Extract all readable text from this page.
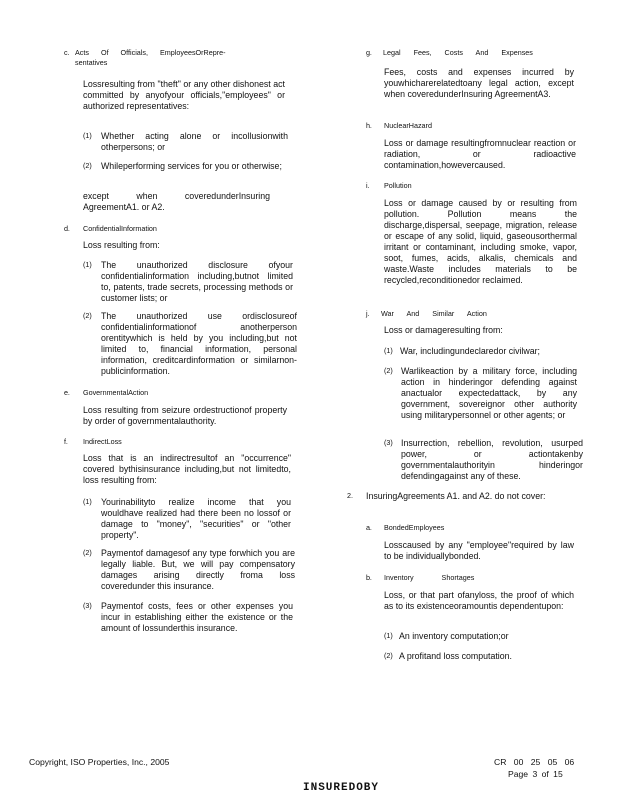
c. Acts Of Officials, EmployeesOrRepre-
sentatives
Lossresulting from "theft" or any other dishonest act committed by anyofyour officials,"employees" or authorized representatives:
(1) Whether acting alone or incollusionwith otherpersons; or
(2) Whileperforming services for you or otherwise;
except when coveredunderInsuring AgreementA1. or A2.
d. ConfidentialInformation
Loss resulting from:
(1) The unauthorized disclosure ofyour confidentialinformation including,butnot limited to, patents, trade secrets, processing methods or customer lists; or
(2) The unauthorized use ordisclosureof confidentialinformationof anotherperson orentitywhich is held by you including,but not limited to, financial information, personal information, creditcardinformation or similarnon-publicinformation.
e. GovernmentalAction
Loss resulting from seizure ordestructionof property by order of governmentalauthority.
f. IndirectLoss
Loss that is an indirectresultof an "occurrence" covered bythisinsurance including,but not limitedto, loss resulting from:
(1) Yourinabilityto realize income that you wouldhave realized had there been no lossof or damage to "money", "securities" or "other property".
(2) Paymentof damagesof any type forwhich you are legally liable. But, we will pay compensatory damages arising directly froma loss coveredunder this insurance.
(3) Paymentof costs, fees or other expenses you incur in establishing either the existence or the amount of lossunderthis insurance.
g. Legal Fees, Costs And Expenses
Fees, costs and expenses incurred by youwhicharerelatedtoany legal action, except when coveredunderInsuring AgreementA3.
h. NuclearHazard
Loss or damage resultingfromnuclear reaction or radiation, or radioactive contamination,howevercaused.
i. Pollution
Loss or damage caused by or resulting from pollution. Pollution means the discharge,dispersal, seepage, migration, release or escape of any solid, liquid, gaseousorthermal irritant or contaminant, including smoke, vapor, soot, fumes, acids, alkalis, chemicals and waste.Waste includes materials to be recycled,reconditionedor reclaimed.
j. War And Similar Action
Loss or damageresulting from:
(1) War, includingundeclaredor civilwar;
(2) Warlikeaction by a military force, including action in hinderingor defending against anactualor expectedattack, by any government, sovereignor other authority using militarypersonnel or other agents; or
(3) Insurrection, rebellion, revolution, usurped power, or actiontakenby governmentalauthorityin hinderingor defendingagainst any of these.
2. InsuringAgreements A1. and A2. do not cover:
a. BondedEmployees
Losscaused by any "employee"required by law to be individuallybonded.
b. Inventory Shortages
Loss, or that part ofanyloss, the proof of which as to its existenceoramountis dependentupon:
(1) An inventory computation;or
(2) A profitand loss computation.
Copyright, ISO Properties, Inc., 2005	CR 00 25 05 06
Page 3 of 15
INSUREDOBY
